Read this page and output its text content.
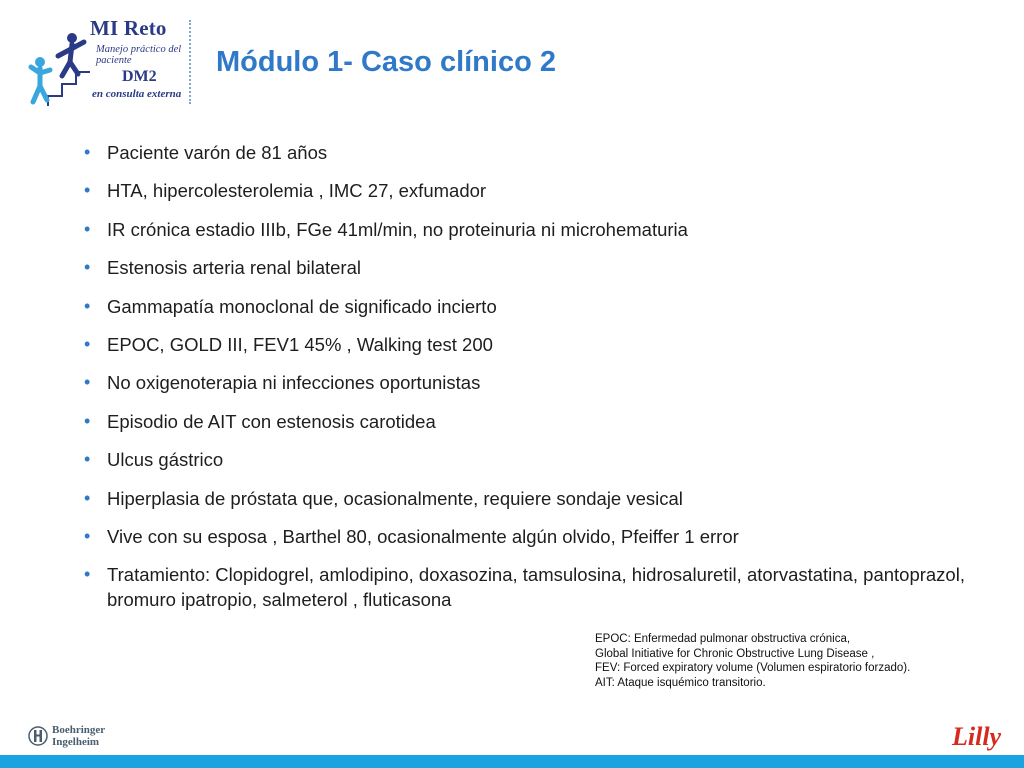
MI Reto
Manejo práctico del paciente
DM2
en consulta externa
Módulo 1- Caso clínico 2
• Paciente varón de 81 años
• HTA, hipercolesterolemia , IMC 27, exfumador
• IR crónica estadio IIIb, FGe 41ml/min, no proteinuria ni microhematuria
• Estenosis arteria renal bilateral
• Gammapatía monoclonal de significado incierto
• EPOC, GOLD III, FEV1 45% , Walking test 200
• No oxigenoterapia ni infecciones oportunistas
• Episodio de AIT con estenosis carotidea
• Ulcus gástrico
• Hiperplasia de próstata que, ocasionalmente, requiere sondaje vesical
• Vive con su esposa , Barthel 80, ocasionalmente algún olvido, Pfeiffer 1 error
• Tratamiento: Clopidogrel, amlodipino, doxasozina, tamsulosina, hidrosaluretil, atorvastatina, pantoprazol, bromuro ipatropio, salmeterol , fluticasona
EPOC: Enfermedad pulmonar obstructiva crónica,
Global Initiative for Chronic Obstructive Lung Disease ,
FEV: Forced expiratory volume (Volumen espiratorio forzado).
AIT: Ataque isquémico transitorio.
Boehringer
Ingelheim	Lilly
